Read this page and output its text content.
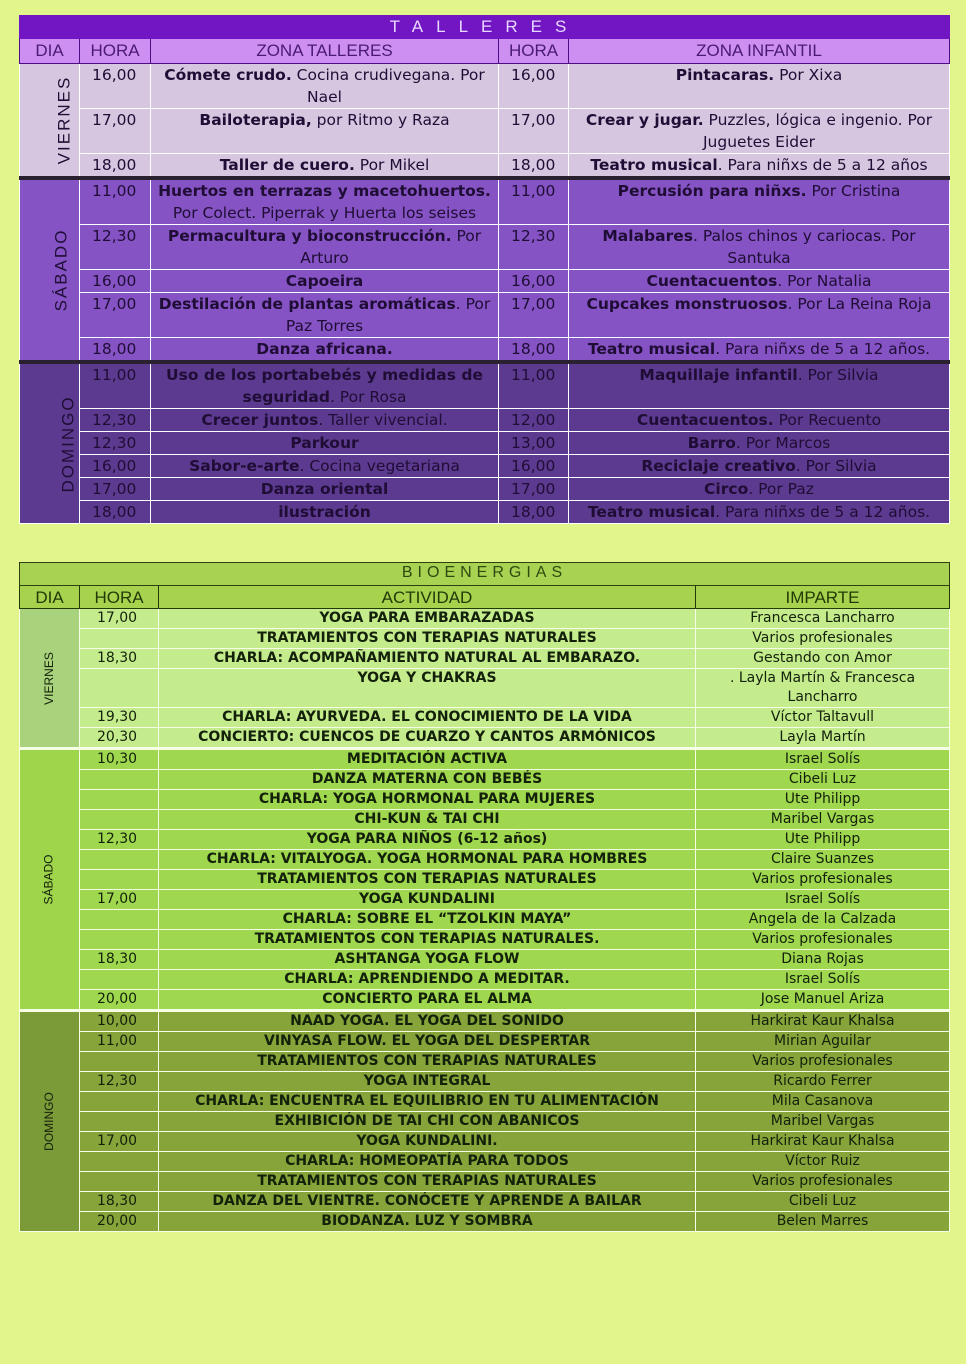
TALLERES				
DIA	HORA	ZONA TALLERES	HORA	ZONA INFANTIL
VIERNES	16,00	Cómete crudo. Cocina crudivegana. Por Nael	16,00	Pintacaras. Por Xixa
	17,00	Bailoterapia, por Ritmo y Raza	17,00	Crear y jugar. Puzzles, lógica e ingenio. Por Juguetes Eider
	18,00	Taller de cuero. Por Mikel	18,00	Teatro musical. Para niñxs de 5 a 12 años
SÁBADO	11,00	Huertos en terrazas y macetohuertos. Por Colect. Piperrak y Huerta los seises	11,00	Percusión para niñxs. Por Cristina
	12,30	Permacultura y bioconstrucción. Por Arturo	12,30	Malabares. Palos chinos y cariocas. Por Santuka
	16,00	Capoeira	16,00	Cuentacuentos. Por Natalia
	17,00	Destilación de plantas aromáticas. Por Paz Torres	17,00	Cupcakes monstruosos. Por La Reina Roja
	18,00	Danza africana.	18,00	Teatro musical. Para niñxs de 5 a 12 años.
DOMINGO	11,00	Uso de los portabebés y medidas de seguridad. Por Rosa	11,00	Maquillaje infantil. Por Silvia
	12,30	Crecer juntos. Taller vivencial.	12,00	Cuentacuentos. Por Recuento
	12,30	Parkour	13,00	Barro. Por Marcos
	16,00	Sabor-e-arte. Cocina vegetariana	16,00	Reciclaje creativo. Por Silvia
	17,00	Danza oriental	17,00	Circo. Por Paz
	18,00	ilustración	18,00	Teatro musical. Para niñxs de 5 a 12 años.
BIOENERGIAS			
DIA	HORA	ACTIVIDAD	IMPARTE
VIERNES	17,00	YOGA PARA EMBARAZADAS	Francesca Lancharro
		TRATAMIENTOS CON TERAPIAS NATURALES	Varios profesionales
	18,30	CHARLA: ACOMPAÑAMIENTO NATURAL AL EMBARAZO.	Gestando con Amor
		YOGA Y CHAKRAS	. Layla Martín & Francesca Lancharro
	19,30	CHARLA: AYURVEDA. EL CONOCIMIENTO DE LA VIDA	Víctor Taltavull
	20,30	CONCIERTO: CUENCOS DE CUARZO Y CANTOS ARMÓNICOS	Layla Martín
SÁBADO	10,30	MEDITACIÓN ACTIVA	Israel Solís
		DANZA MATERNA CON BEBÉS	Cibeli Luz
		CHARLA: YOGA HORMONAL PARA MUJERES	Ute Philipp
		CHI-KUN & TAI CHI	Maribel Vargas
	12,30	YOGA PARA NIÑOS (6-12 años)	Ute Philipp
		CHARLA: VITALYOGA. YOGA HORMONAL PARA HOMBRES	Claire Suanzes
		TRATAMIENTOS CON TERAPIAS NATURALES	Varios profesionales
	17,00	YOGA KUNDALINI	Israel Solís
		CHARLA: SOBRE EL “TZOLKIN MAYA”	Angela de la Calzada
		TRATAMIENTOS CON TERAPIAS NATURALES.	Varios profesionales
	18,30	ASHTANGA YOGA FLOW	Diana Rojas
		CHARLA: APRENDIENDO A MEDITAR.	Israel Solís
	20,00	CONCIERTO PARA EL ALMA	Jose Manuel Ariza
DOMINGO	10,00	NAAD YOGA. EL YOGA DEL SONIDO	Harkirat Kaur Khalsa
	11,00	VINYASA FLOW. EL YOGA DEL DESPERTAR	Mirian Aguilar
		TRATAMIENTOS CON TERAPIAS NATURALES	Varios profesionales
	12,30	YOGA INTEGRAL	Ricardo Ferrer
		CHARLA: ENCUENTRA EL EQUILIBRIO EN TU ALIMENTACIÓN	Mila Casanova
		EXHIBICIÓN DE TAI CHI CON ABANICOS	Maribel Vargas
	17,00	YOGA KUNDALINI.	Harkirat Kaur Khalsa
		CHARLA: HOMEOPATÍA PARA TODOS	Víctor Ruiz
		TRATAMIENTOS CON TERAPIAS NATURALES	Varios profesionales
	18,30	DANZA DEL VIENTRE. CONÓCETE Y APRENDE A BAILAR	Cibeli Luz
	20,00	BIODANZA. LUZ Y SOMBRA	Belen Marres
